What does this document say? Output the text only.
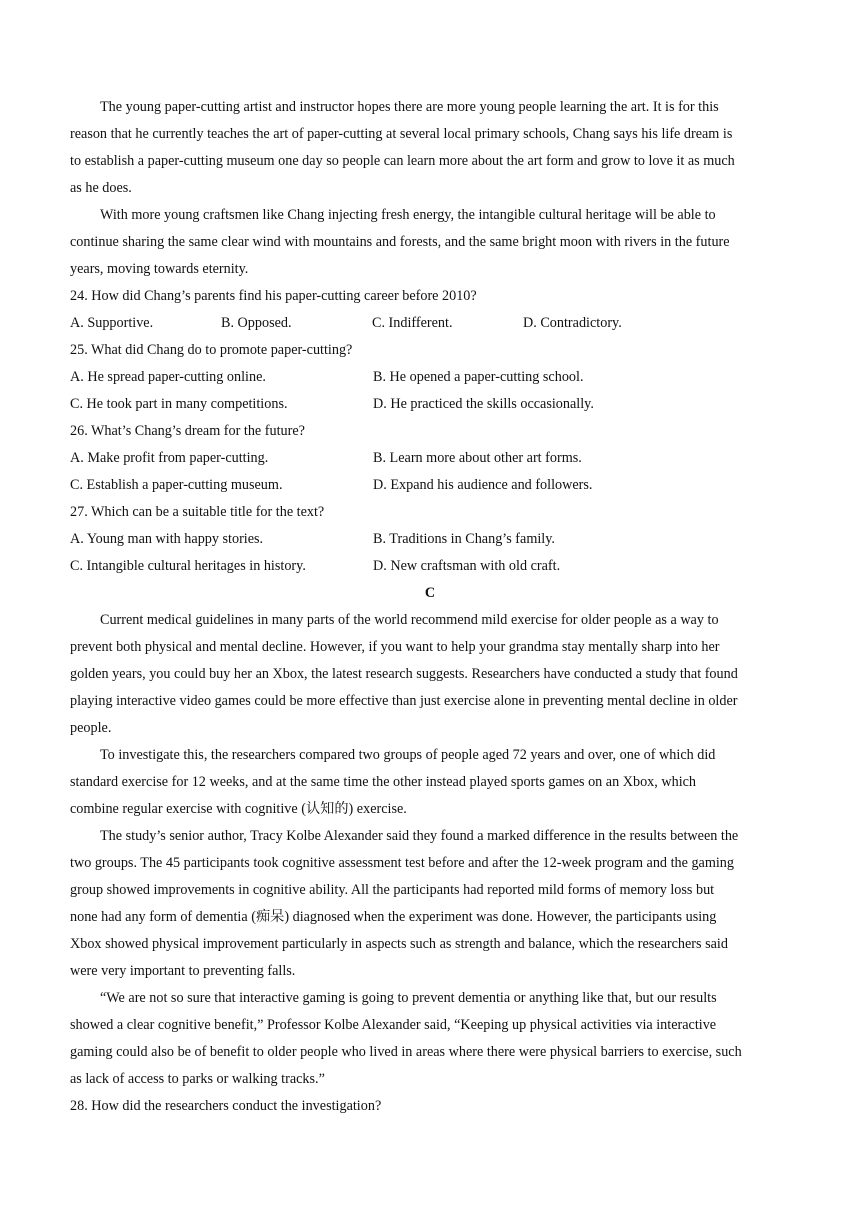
The young paper-cutting artist and instructor hopes there are more young people learning the art. It is for this
reason that he currently teaches the art of paper-cutting at several local primary schools, Chang says his life dream is
to establish a paper-cutting museum one day so people can learn more about the art form and grow to love it as much
as he does.
With more young craftsmen like Chang injecting fresh energy, the intangible cultural heritage will be able to
continue sharing the same clear wind with mountains and forests, and the same bright moon with rivers in the future
years, moving towards eternity.
24. How did Chang’s parents find his paper-cutting career before 2010?
A. Supportive.	B. Opposed.	C. Indifferent.	D. Contradictory.
25. What did Chang do to promote paper-cutting?
A. He spread paper-cutting online.	B. He opened a paper-cutting school.
C. He took part in many competitions.	D. He practiced the skills occasionally.
26. What’s Chang’s dream for the future?
A. Make profit from paper-cutting.	B. Learn more about other art forms.
C. Establish a paper-cutting museum.	D. Expand his audience and followers.
27. Which can be a suitable title for the text?
A. Young man with happy stories.	B. Traditions in Chang’s family.
C. Intangible cultural heritages in history.	D. New craftsman with old craft.
C
Current medical guidelines in many parts of the world recommend mild exercise for older people as a way to
prevent both physical and mental decline. However, if you want to help your grandma stay mentally sharp into her
golden years, you could buy her an Xbox, the latest research suggests. Researchers have conducted a study that found
playing interactive video games could be more effective than just exercise alone in preventing mental decline in older
people.
To investigate this, the researchers compared two groups of people aged 72 years and over, one of which did
standard exercise for 12 weeks, and at the same time the other instead played sports games on an Xbox, which
combine regular exercise with cognitive (认知的) exercise.
The study’s senior author, Tracy Kolbe Alexander said they found a marked difference in the results between the
two groups. The 45 participants took cognitive assessment test before and after the 12-week program and the gaming
group showed improvements in cognitive ability. All the participants had reported mild forms of memory loss but
none had any form of dementia (痴呆) diagnosed when the experiment was done. However, the participants using
Xbox showed physical improvement particularly in aspects such as strength and balance, which the researchers said
were very important to preventing falls.
“We are not so sure that interactive gaming is going to prevent dementia or anything like that, but our results
showed a clear cognitive benefit,” Professor Kolbe Alexander said, “Keeping up physical activities via interactive
gaming could also be of benefit to older people who lived in areas where there were physical barriers to exercise, such
as lack of access to parks or walking tracks.”
28. How did the researchers conduct the investigation?
